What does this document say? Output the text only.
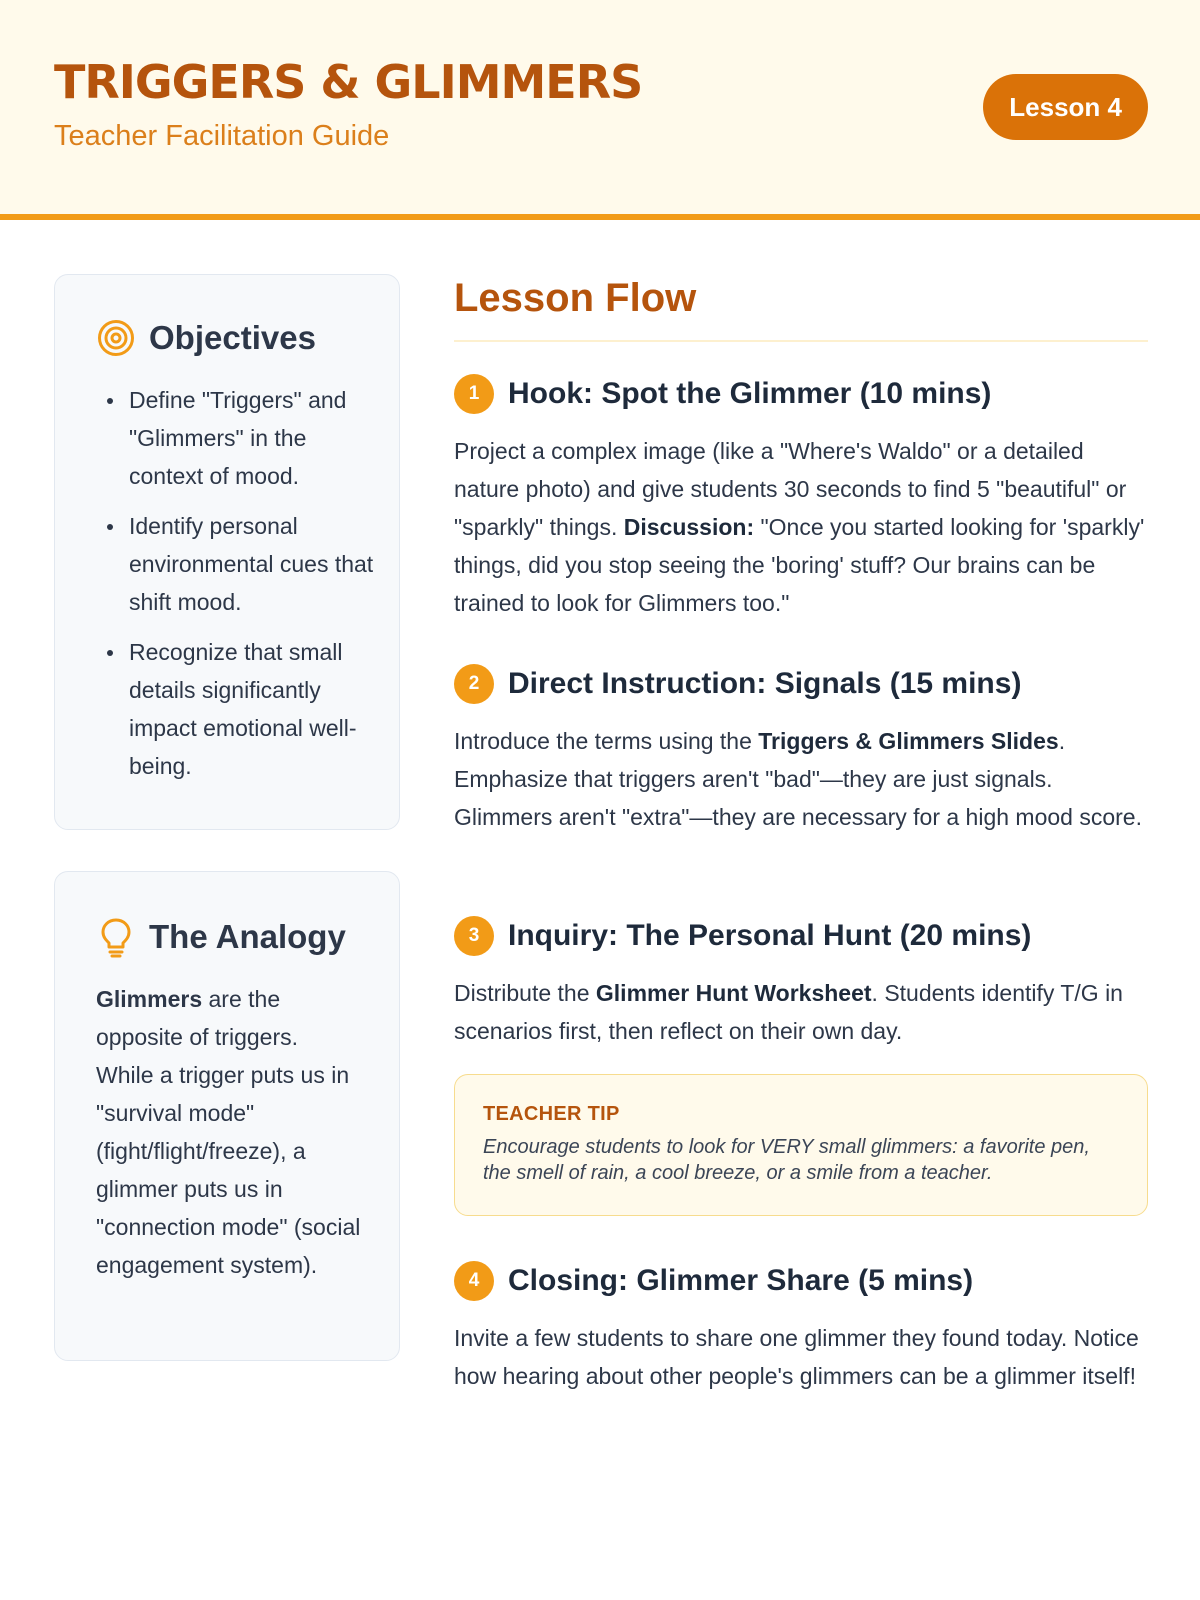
TRIGGERS & GLIMMERS
Teacher Facilitation Guide
Lesson 4
Objectives
Define "Triggers" and "Glimmers" in the context of mood.
Identify personal environmental cues that shift mood.
Recognize that small details significantly impact emotional well-being.
The Analogy

Glimmers are the opposite of triggers. While a trigger puts us in "survival mode" (fight/flight/freeze), a glimmer puts us in "connection mode" (social engagement system).

Lesson Flow
1 Hook: Spot the Glimmer (10 mins)

Project a complex image (like a "Where's Waldo" or a detailed nature photo) and give students 30 seconds to find 5 "beautiful" or "sparkly" things. Discussion: "Once you started looking for 'sparkly' things, did you stop seeing the 'boring' stuff? Our brains can be trained to look for Glimmers too."

2 Direct Instruction: Signals (15 mins)

Introduce the terms using the Triggers & Glimmers Slides. Emphasize that triggers aren't "bad"—they are just signals. Glimmers aren't "extra"—they are necessary for a high mood score.

3 Inquiry: The Personal Hunt (20 mins)

Distribute the Glimmer Hunt Worksheet. Students identify T/G in scenarios first, then reflect on their own day.

TEACHER TIP
Encourage students to look for VERY small glimmers: a favorite pen, the smell of rain, a cool breeze, or a smile from a teacher.
4 Closing: Glimmer Share (5 mins)

Invite a few students to share one glimmer they found today. Notice how hearing about other people's glimmers can be a glimmer itself!
